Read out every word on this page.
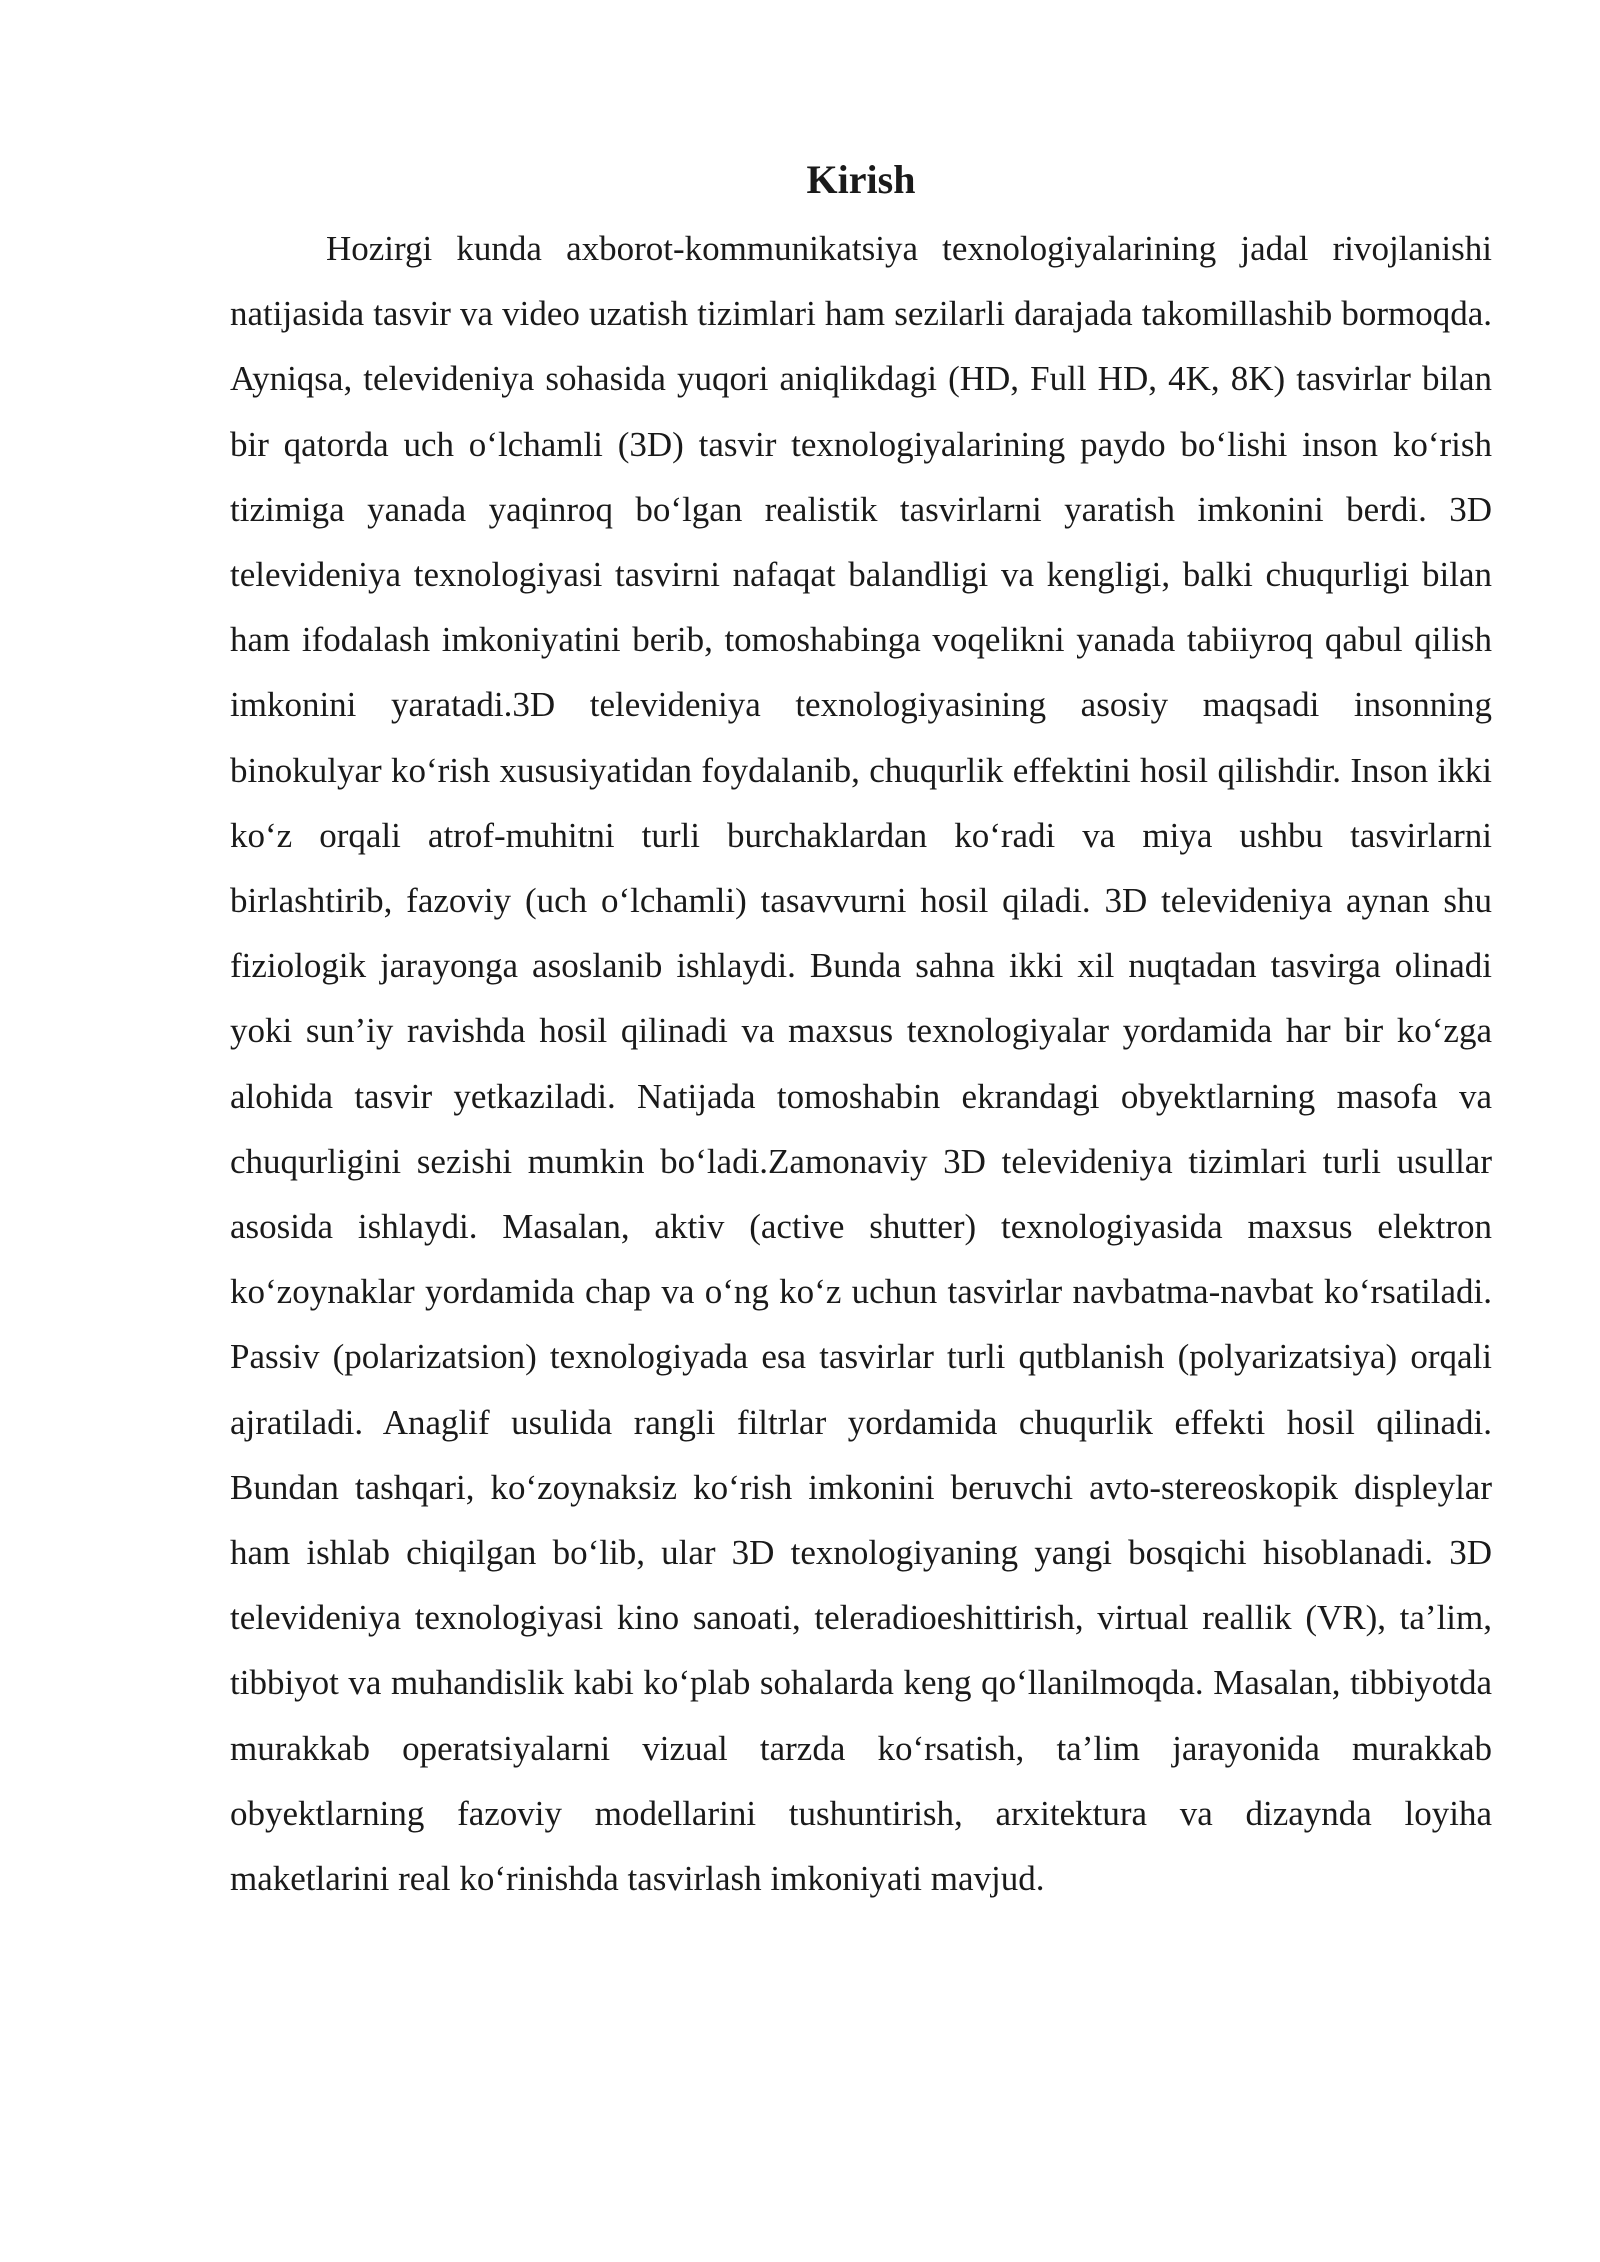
Kirish

Hozirgi kunda axborot-kommunikatsiya texnologiyalarining jadal rivojlanishi natijasida tasvir va video uzatish tizimlari ham sezilarli darajada takomillashib bormoqda. Ayniqsa, televideniya sohasida yuqori aniqlikdagi (HD, Full HD, 4K, 8K) tasvirlar bilan bir qatorda uch o‘lchamli (3D) tasvir texnologiyalarining paydo bo‘lishi inson ko‘rish tizimiga yanada yaqinroq bo‘lgan realistik tasvirlarni yaratish imkonini berdi. 3D televideniya texnologiyasi tasvirni nafaqat balandligi va kengligi, balki chuqurligi bilan ham ifodalash imkoniyatini berib, tomoshabinga voqelikni yanada tabiiyroq qabul qilish imkonini yaratadi.3D televideniya texnologiyasining asosiy maqsadi insonning binokulyar ko‘rish xususiyatidan foydalanib, chuqurlik effektini hosil qilishdir. Inson ikki ko‘z orqali atrof-muhitni turli burchaklardan ko‘radi va miya ushbu tasvirlarni birlashtirib, fazoviy (uch o‘lchamli) tasavvurni hosil qiladi. 3D televideniya aynan shu fiziologik jarayonga asoslanib ishlaydi. Bunda sahna ikki xil nuqtadan tasvirga olinadi yoki sun’iy ravishda hosil qilinadi va maxsus texnologiyalar yordamida har bir ko‘zga alohida tasvir yetkaziladi. Natijada tomoshabin ekrandagi obyektlarning masofa va chuqurligini sezishi mumkin bo‘ladi.Zamonaviy 3D televideniya tizimlari turli usullar asosida ishlaydi. Masalan, aktiv (active shutter) texnologiyasida maxsus elektron ko‘zoynaklar yordamida chap va o‘ng ko‘z uchun tasvirlar navbatma-navbat ko‘rsatiladi. Passiv (polarizatsion) texnologiyada esa tasvirlar turli qutblanish (polyarizatsiya) orqali ajratiladi. Anaglif usulida rangli filtrlar yordamida chuqurlik effekti hosil qilinadi. Bundan tashqari, ko‘zoynaksiz ko‘rish imkonini beruvchi avto-stereoskopik displeylar ham ishlab chiqilgan bo‘lib, ular 3D texnologiyaning yangi bosqichi hisoblanadi. 3D televideniya texnologiyasi kino sanoati, teleradioeshittirish, virtual reallik (VR), ta’lim, tibbiyot va muhandislik kabi ko‘plab sohalarda keng qo‘llanilmoqda. Masalan, tibbiyotda murakkab operatsiyalarni vizual tarzda ko‘rsatish, ta’lim jarayonida murakkab obyektlarning fazoviy modellarini tushuntirish, arxitektura va dizaynda loyiha maketlarini real ko‘rinishda tasvirlash imkoniyati mavjud.
